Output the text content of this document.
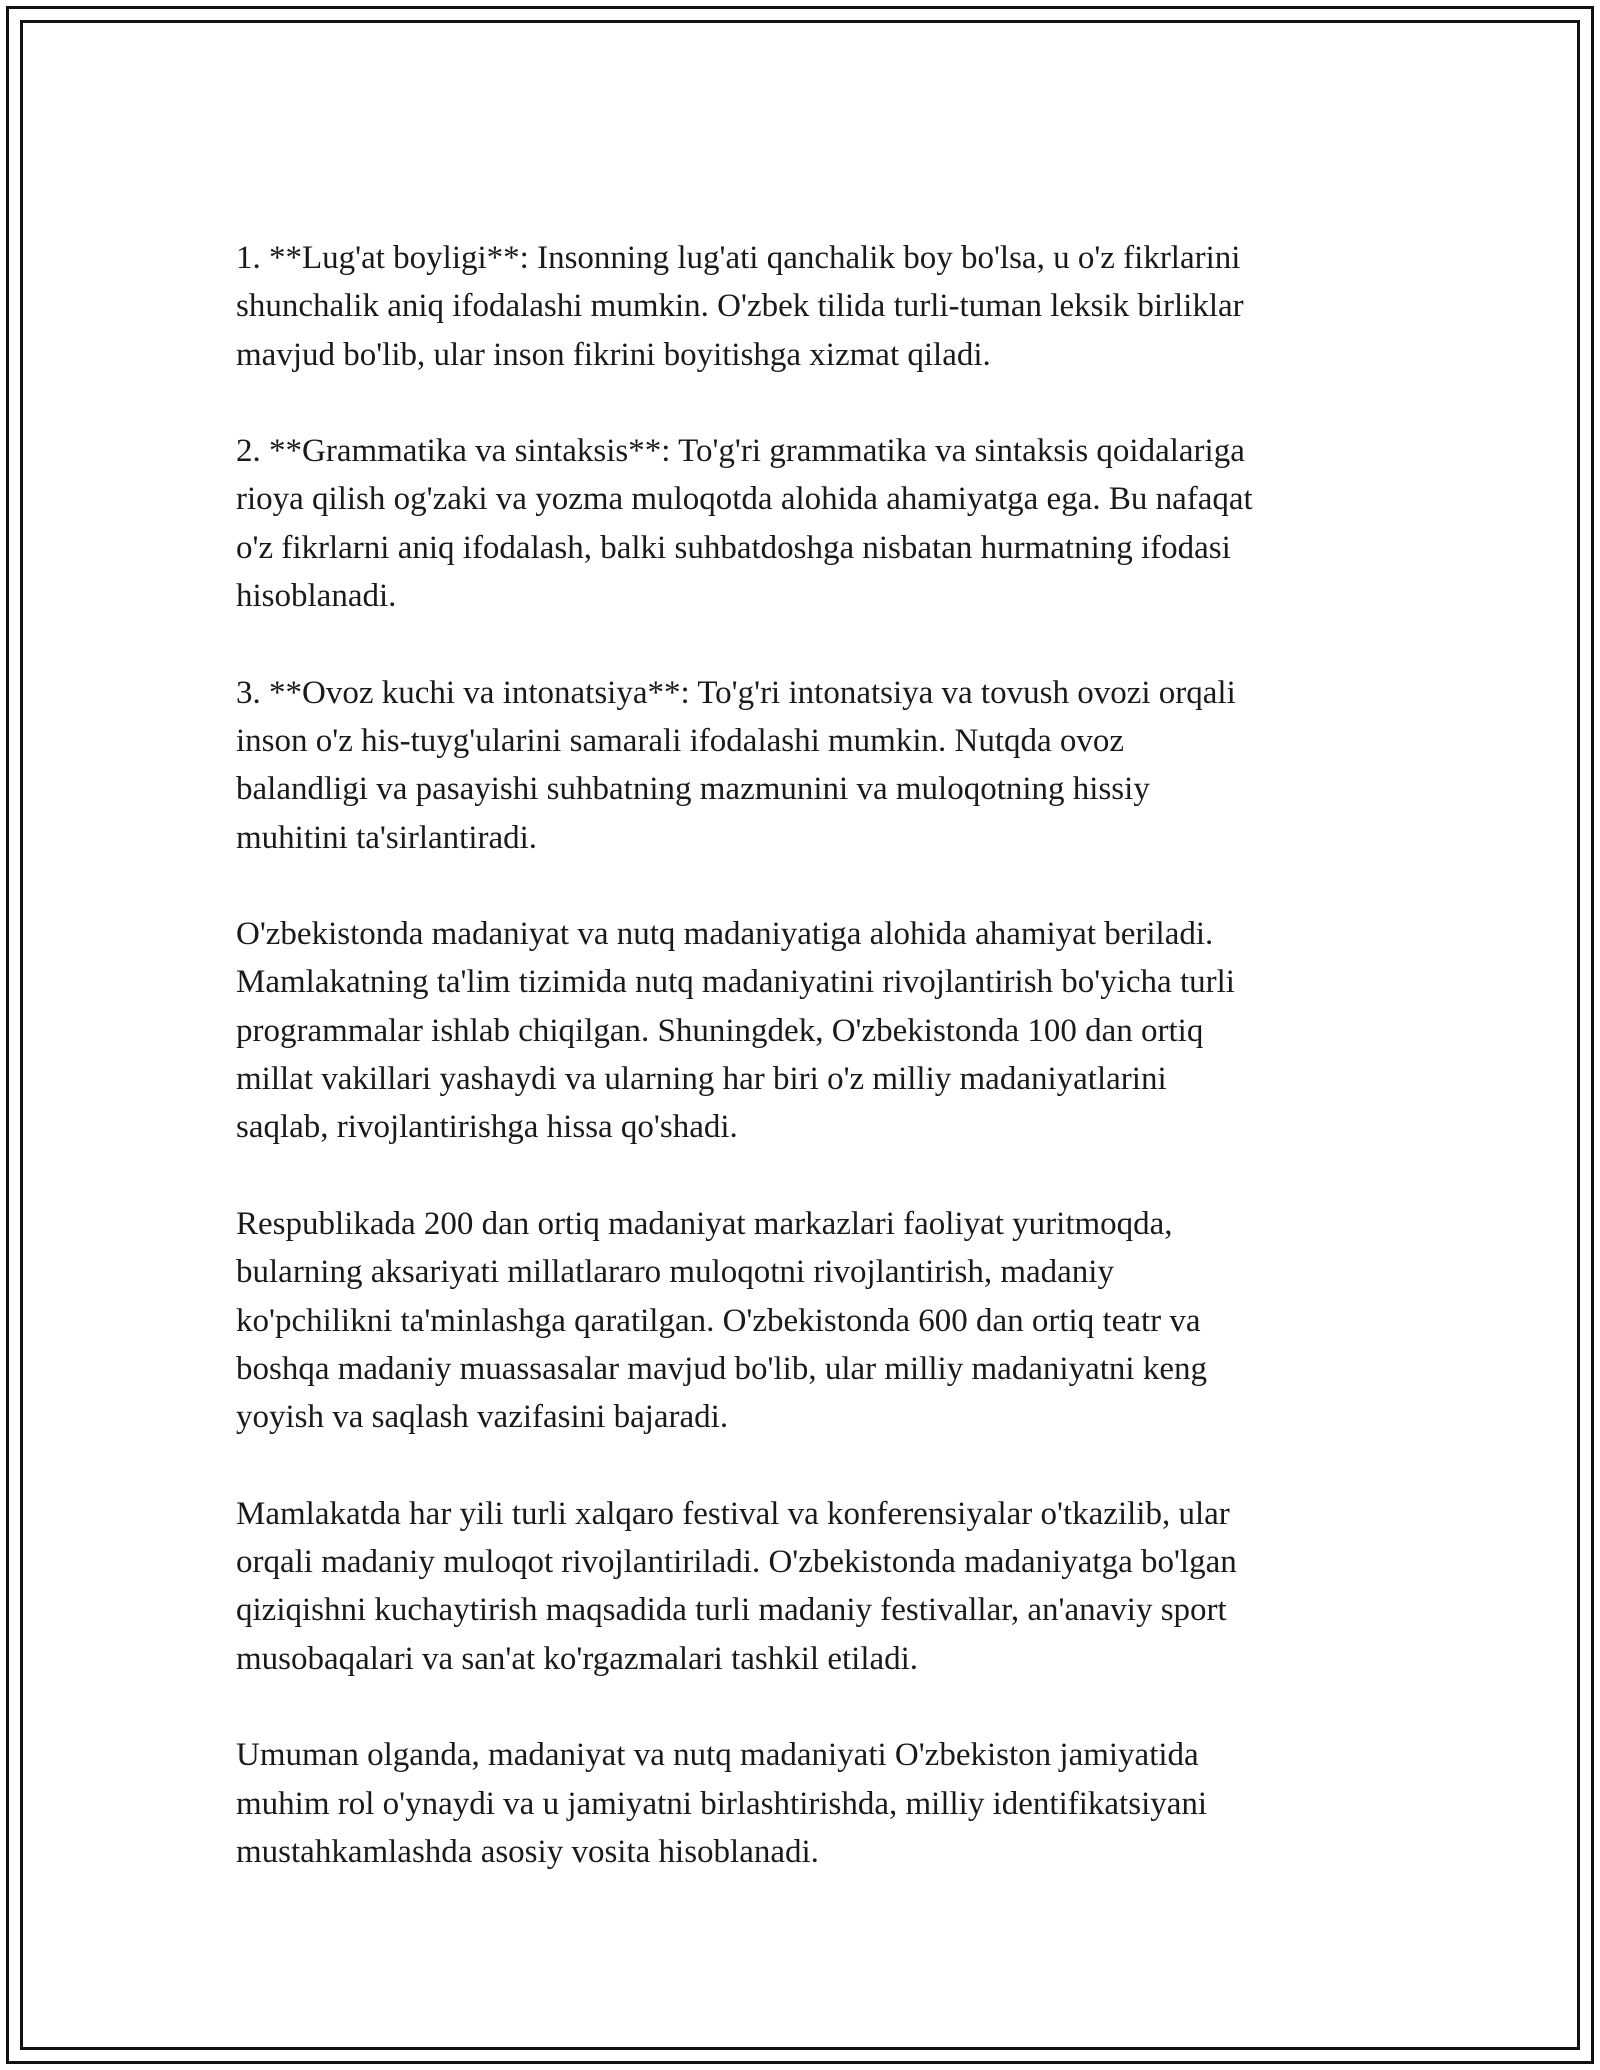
1. **Lug'at boyligi**: Insonning lug'ati qanchalik boy bo'lsa, u o'z fikrlarini
shunchalik aniq ifodalashi mumkin. O'zbek tilida turli-tuman leksik birliklar
mavjud bo'lib, ular inson fikrini boyitishga xizmat qiladi.
2. **Grammatika va sintaksis**: To'g'ri grammatika va sintaksis qoidalariga
rioya qilish og'zaki va yozma muloqotda alohida ahamiyatga ega. Bu nafaqat
o'z fikrlarni aniq ifodalash, balki suhbatdoshga nisbatan hurmatning ifodasi
hisoblanadi.
3. **Ovoz kuchi va intonatsiya**: To'g'ri intonatsiya va tovush ovozi orqali
inson o'z his-tuyg'ularini samarali ifodalashi mumkin. Nutqda ovoz
balandligi va pasayishi suhbatning mazmunini va muloqotning hissiy
muhitini ta'sirlantiradi.
O'zbekistonda madaniyat va nutq madaniyatiga alohida ahamiyat beriladi.
Mamlakatning ta'lim tizimida nutq madaniyatini rivojlantirish bo'yicha turli
programmalar ishlab chiqilgan. Shuningdek, O'zbekistonda 100 dan ortiq
millat vakillari yashaydi va ularning har biri o'z milliy madaniyatlarini
saqlab, rivojlantirishga hissa qo'shadi.
Respublikada 200 dan ortiq madaniyat markazlari faoliyat yuritmoqda,
bularning aksariyati millatlararo muloqotni rivojlantirish, madaniy
ko'pchilikni ta'minlashga qaratilgan. O'zbekistonda 600 dan ortiq teatr va
boshqa madaniy muassasalar mavjud bo'lib, ular milliy madaniyatni keng
yoyish va saqlash vazifasini bajaradi.
Mamlakatda har yili turli xalqaro festival va konferensiyalar o'tkazilib, ular
orqali madaniy muloqot rivojlantiriladi. O'zbekistonda madaniyatga bo'lgan
qiziqishni kuchaytirish maqsadida turli madaniy festivallar, an'anaviy sport
musobaqalari va san'at ko'rgazmalari tashkil etiladi.
Umuman olganda, madaniyat va nutq madaniyati O'zbekiston jamiyatida
muhim rol o'ynaydi va u jamiyatni birlashtirishda, milliy identifikatsiyani
mustahkamlashda asosiy vosita hisoblanadi.
